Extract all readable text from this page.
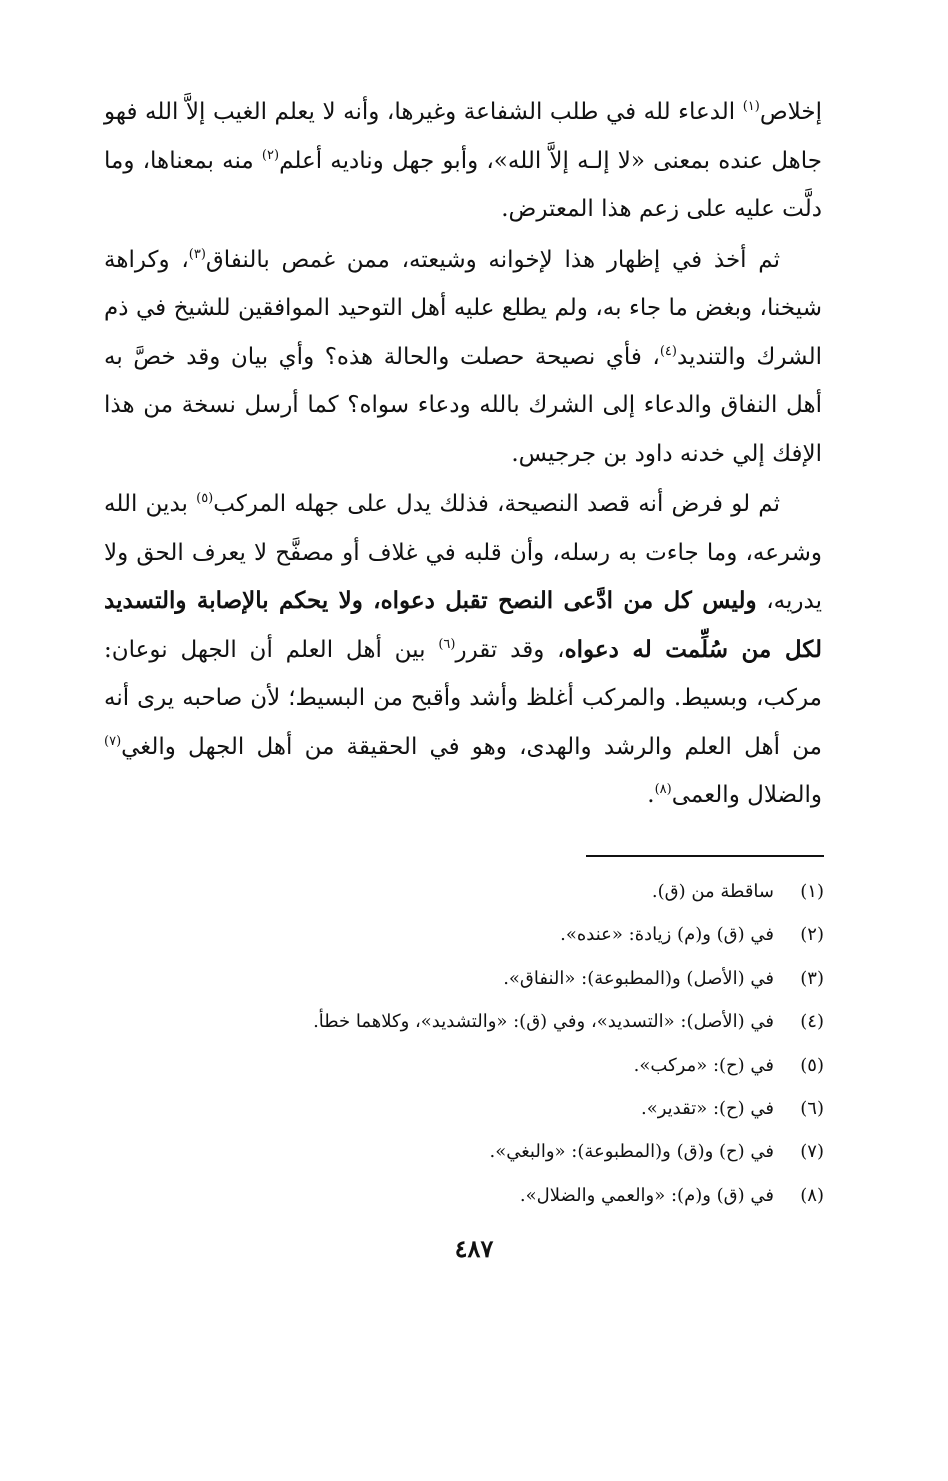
إخلاص$^{(١)}$ الدعاء لله في طلب الشفاعة وغيرها، وأنه لا يعلم الغيب إلاَّ الله فهو جاهل عنده بمعنى «لا إلـه إلاَّ الله»، وأبو جهل وناديه أعلم$^{(٢)}$ منه بمعناها، وما دلَّت عليه على زعم هذا المعترض.

ثم أخذ في إظهار هذا لإخوانه وشيعته، ممن غمص بالنفاق$^{(٣)}$، وكراهة شيخنا، وبغض ما جاء به، ولم يطلع عليه أهل التوحيد الموافقين للشيخ في ذم الشرك والتنديد$^{(٤)}$، فأي نصيحة حصلت والحالة هذه؟ وأي بيان وقد خصَّ به أهل النفاق والدعاء إلى الشرك بالله ودعاء سواه؟ كما أرسل نسخة من هذا الإفك إلي خدنه داود بن جرجيس.

ثم لو فرض أنه قصد النصيحة، فذلك يدل على جهله المركب$^{(٥)}$ بدين الله وشرعه، وما جاءت به رسله، وأن قلبه في غلاف أو مصفَّح لا يعرف الحق ولا يدريه، وليس كل من ادَّعى النصح تقبل دعواه، ولا يحكم بالإصابة والتسديد لكل من سُلِّمت له دعواه، وقد تقرر$^{(٦)}$ بين أهل العلم أن الجهل نوعان: مركب، وبسيط. والمركب أغلظ وأشد وأقبح من البسيط؛ لأن صاحبه يرى أنه من أهل العلم والرشد والهدى، وهو في الحقيقة من أهل الجهل والغي$^{(٧)}$ والضلال والعمى$^{(٨)}$.

(١)ساقطة من (ق).
(٢)في (ق) و(م) زيادة: «عنده».
(٣)في (الأصل) و(المطبوعة): «النفاق».
(٤)في (الأصل): «التسديد»، وفي (ق): «والتشديد»، وكلاهما خطأ.
(٥)في (ح): «مركب».
(٦)في (ح): «تقدير».
(٧)في (ح) و(ق) و(المطبوعة): «والبغي».
(٨)في (ق) و(م): «والعمي والضلال».
٤٨٧
